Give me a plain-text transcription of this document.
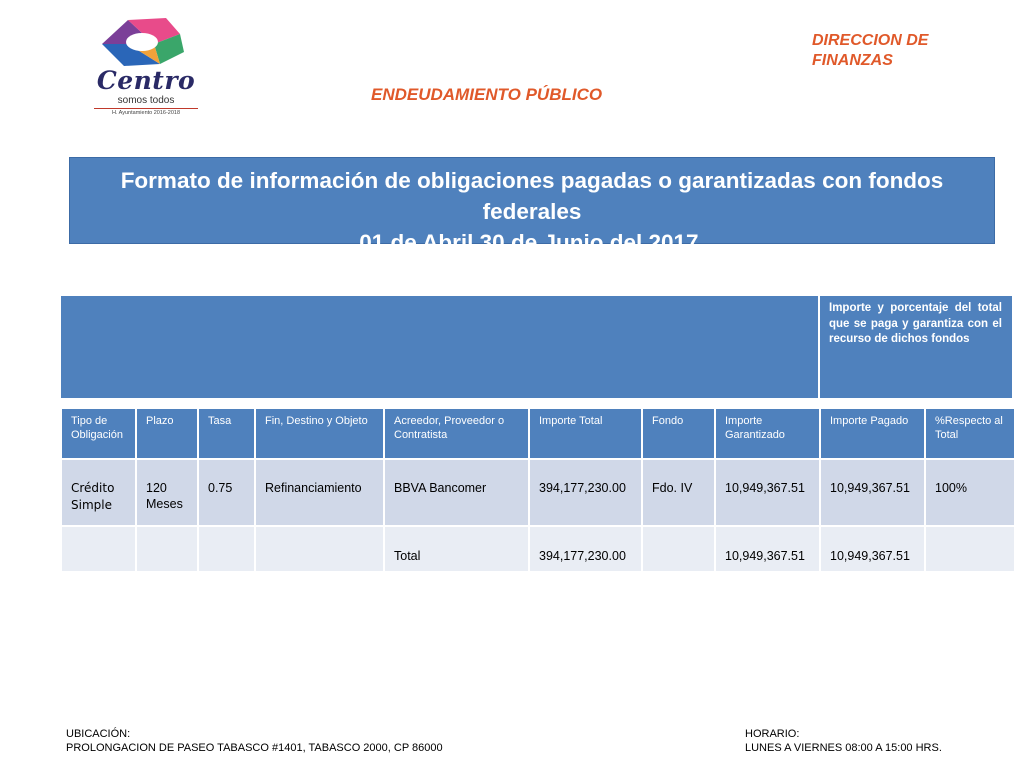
Centro
somos todos
H. Ayuntamiento 2016-2018
DIRECCION DE FINANZAS
ENDEUDAMIENTO PÚBLICO
Formato de información de obligaciones pagadas o garantizadas con fondos federales
01 de Abril 30 de Junio del 2017.
Importe y porcentaje del total que se paga y garantiza con el recurso de dichos fondos
Tipo de Obligación	Plazo	Tasa	Fin, Destino y Objeto	Acreedor, Proveedor o Contratista	Importe Total	Fondo	Importe Garantizado	Importe Pagado	%Respecto al Total
Crédito Simple	120 Meses	0.75	Refinanciamiento	BBVA Bancomer	394,177,230.00	Fdo. IV	10,949,367.51	10,949,367.51	100%
				Total	394,177,230.00		10,949,367.51	10,949,367.51	
UBICACIÓN:
PROLONGACION DE PASEO TABASCO #1401, TABASCO 2000, CP 86000
HORARIO:
LUNES A VIERNES 08:00 A 15:00 HRS.
